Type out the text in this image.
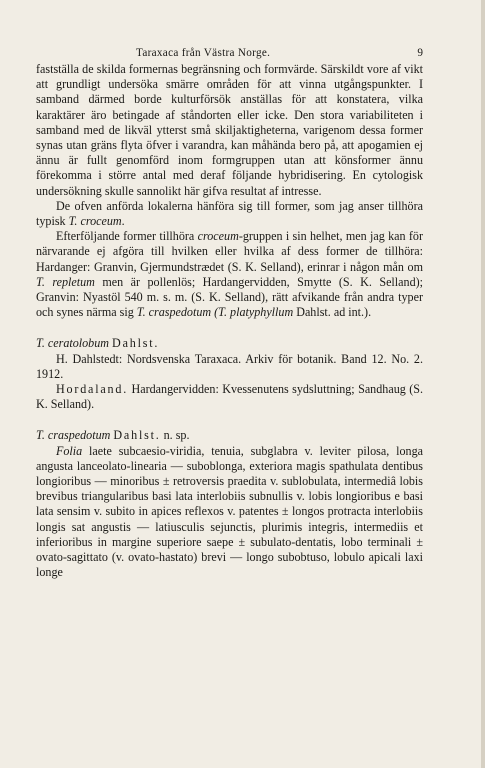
Taraxaca från Västra Norge.	9

fastställa de skilda formernas begränsning och formvärde. Särskildt vore af vikt att grundligt undersöka smärre områden för att vinna utgångspunkter. I samband därmed borde kulturförsök anställas för att konstatera, vilka karaktärer äro betingade af ståndorten eller icke. Den stora variabiliteten i samband med de likväl ytterst små skiljaktigheterna, varigenom dessa former synas utan gräns flyta öfver i varandra, kan måhända bero på, att apogamien ej ännu är fullt genomförd inom formgruppen utan att könsformer ännu förekomma i större antal med deraf följande hybridisering. En cytologisk undersökning skulle sannolikt här gifva resultat af intresse.

De ofven anförda lokalerna hänföra sig till former, som jag anser tillhöra typisk T. croceum.

Efterföljande former tillhöra croceum-gruppen i sin helhet, men jag kan för närvarande ej afgöra till hvilken eller hvilka af dess former de tillhöra: Hardanger: Granvin, Gjermundstrædet (S. K. Selland), erinrar i någon mån om T. repletum men är pollenlös; Hardangervidden, Smytte (S. K. Selland); Granvin: Nyastöl 540 m. s. m. (S. K. Selland), rätt afvikande från andra typer och synes närma sig T. craspedotum (T. platyphyllum Dahlst. ad int.).

T. ceratolobum Dahlst.

H. Dahlstedt: Nordsvenska Taraxaca. Arkiv för botanik. Band 12. No. 2. 1912.

Hordaland. Hardangervidden: Kvessenutens sydsluttning; Sandhaug (S. K. Selland).

T. craspedotum Dahlst. n. sp.

Folia laete subcaesio-viridia, tenuia, subglabra v. leviter pilosa, longa angusta lanceolato-linearia — suboblonga, exteriora magis spathulata dentibus longioribus — minoribus ± retroversis praedita v. sublobulata, intermediâ lobis brevibus triangularibus basi lata interlobiis subnullis v. lobis longioribus e basi lata sensim v. subito in apices reflexos v. patentes ± longos protracta interlobiis longis sat angustis — latiusculis sejunctis, plurimis integris, intermediis et inferioribus in margine superiore saepe ± subulato-dentatis, lobo terminali ± ovato-sagittato (v. ovato-hastato) brevi — longo subobtuso, lobulo apicali laxi longe
